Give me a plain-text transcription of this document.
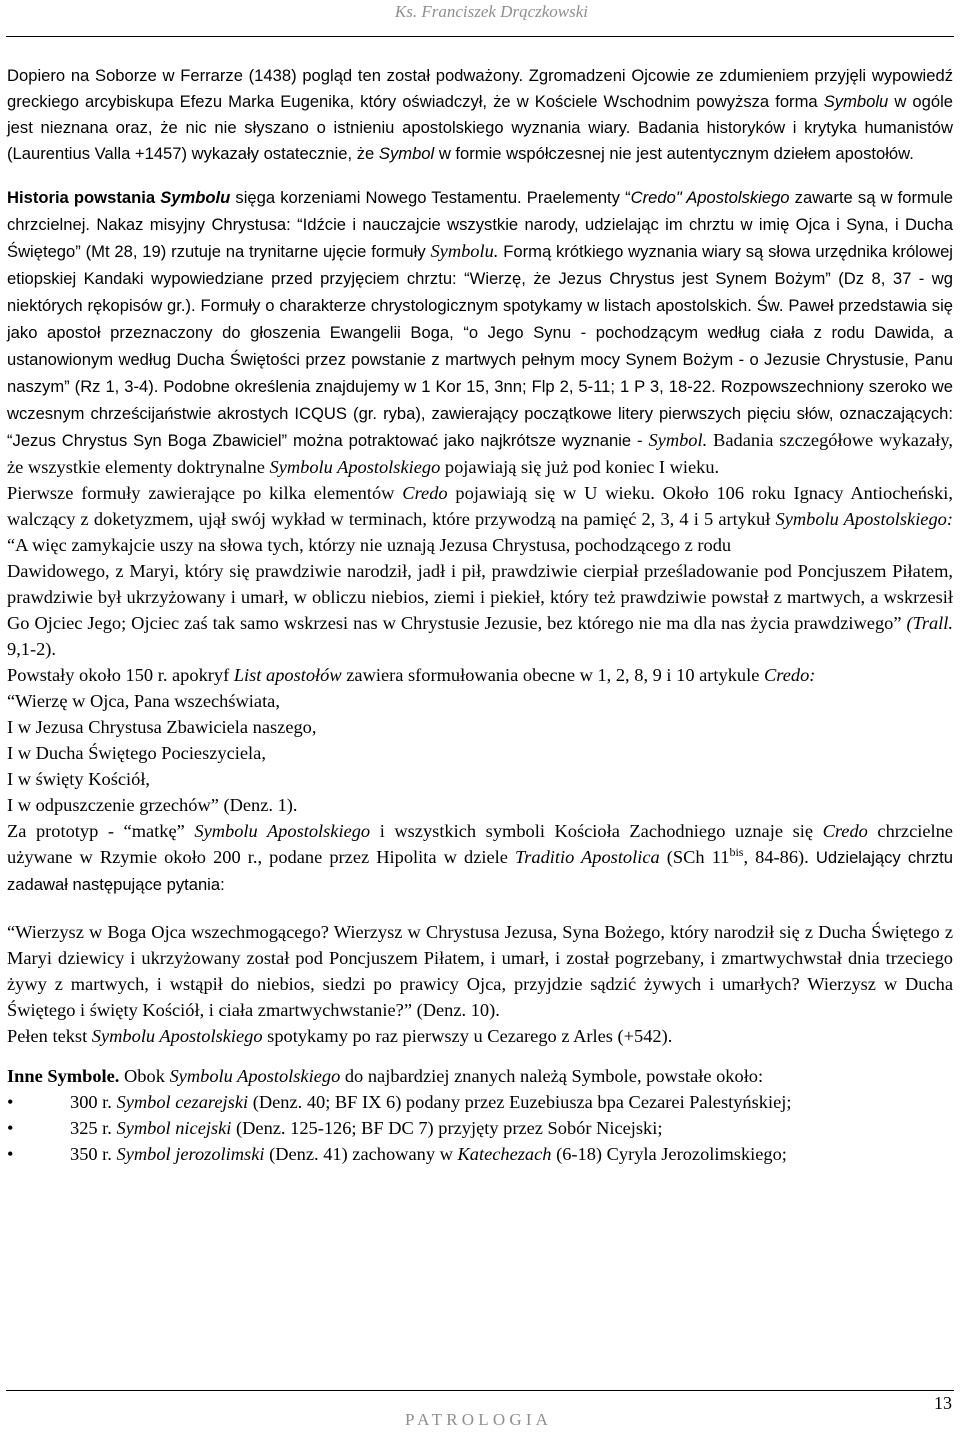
Ks. Franciszek Drączkowski

Dopiero na Soborze w Ferrarze (1438) pogląd ten został podważony. Zgromadzeni Ojcowie ze zdumieniem przyjęli wypowiedź greckiego arcybiskupa Efezu Marka Eugenika, który oświadczył, że w Kościele Wschodnim powyższa forma Symbolu w ogóle jest nieznana oraz, że nic nie słyszano o istnieniu apostolskiego wyznania wiary. Badania historyków i krytyka humanistów (Laurentius Valla +1457) wykazały ostatecznie, że Symbol w formie współczesnej nie jest autentycznym dziełem apostołów.

Historia powstania Symbolu sięga korzeniami Nowego Testamentu. Praelementy “Credo" Apostolskiego zawarte są w formule chrzcielnej. Nakaz misyjny Chrystusa: “Idźcie i nauczajcie wszystkie narody, udzielając im chrztu w imię Ojca i Syna, i Ducha Świętego” (Mt 28, 19) rzutuje na trynitarne ujęcie formuły Symbolu. Formą krótkiego wyznania wiary są słowa urzędnika królowej etiopskiej Kandaki wypowiedziane przed przyjęciem chrztu: “Wierzę, że Jezus Chrystus jest Synem Bożym” (Dz 8, 37 - wg niektórych rękopisów gr.). Formuły o charakterze chrystologicznym spotykamy w listach apostolskich. Św. Paweł przedstawia się jako apostoł przeznaczony do głoszenia Ewangelii Boga, “o Jego Synu - pochodzącym według ciała z rodu Dawida, a ustanowionym według Ducha Świętości przez powstanie z martwych pełnym mocy Synem Bożym - o Jezusie Chrystusie, Panu naszym” (Rz 1, 3-4). Podobne określenia znajdujemy w 1 Kor 15, 3nn; Flp 2, 5-11; 1 P 3, 18-22. Rozpowszechniony szeroko we wczesnym chrześcijaństwie akrostych ICQUS (gr. ryba), zawierający początkowe litery pierwszych pięciu słów, oznaczających: “Jezus Chrystus Syn Boga Zbawiciel” można potraktować jako najkrótsze wyznanie - Symbol. Badania szczegółowe wykazały, że wszystkie elementy doktrynalne Symbolu Apostolskiego pojawiają się już pod koniec I wieku.

Pierwsze formuły zawierające po kilka elementów Credo pojawiają się w U wieku. Około 106 roku Ignacy Antiocheński, walczący z doketyzmem, ujął swój wykład w terminach, które przywodzą na pamięć 2, 3, 4 i 5 artykuł Symbolu Apostolskiego: “A więc zamykajcie uszy na słowa tych, którzy nie uznają Jezusa Chrystusa, pochodzącego z rodu

Dawidowego, z Maryi, który się prawdziwie narodził, jadł i pił, prawdziwie cierpiał prześladowanie pod Poncjuszem Piłatem, prawdziwie był ukrzyżowany i umarł, w obliczu niebios, ziemi i piekieł, który też prawdziwie powstał z martwych, a wskrzesił Go Ojciec Jego; Ojciec zaś tak samo wskrzesi nas w Chrystusie Jezusie, bez którego nie ma dla nas życia prawdziwego” (Trall. 9,1-2).

Powstały około 150 r. apokryf List apostołów zawiera sformułowania obecne w 1, 2, 8, 9 i 10 artykule Credo:

“Wierzę w Ojca, Pana wszechświata,

I w Jezusa Chrystusa Zbawiciela naszego,

I w Ducha Świętego Pocieszyciela,

I w święty Kościół,

I w odpuszczenie grzechów” (Denz. 1).

Za prototyp - “matkę” Symbolu Apostolskiego i wszystkich symboli Kościoła Zachodniego uznaje się Credo chrzcielne używane w Rzymie około 200 r., podane przez Hipolita w dziele Traditio Apostolica (SCh $11^{bis}$, 84-86). Udzielający chrztu zadawał następujące pytania:

“Wierzysz w Boga Ojca wszechmogącego? Wierzysz w Chrystusa Jezusa, Syna Bożego, który narodził się z Ducha Świętego z Maryi dziewicy i ukrzyżowany został pod Poncjuszem Piłatem, i umarł, i został pogrzebany, i zmartwychwstał dnia trzeciego żywy z martwych, i wstąpił do niebios, siedzi po prawicy Ojca, przyjdzie sądzić żywych i umarłych? Wierzysz w Ducha Świętego i święty Kościół, i ciała zmartwychwstanie?” (Denz. 10).

Pełen tekst Symbolu Apostolskiego spotykamy po raz pierwszy u Cezarego z Arles (+542).

Inne Symbole. Obok Symbolu Apostolskiego do najbardziej znanych należą Symbole, powstałe około:

•	300 r. Symbol cezarejski (Denz. 40; BF IX 6) podany przez Euzebiusza bpa Cezarei Palestyńskiej;
•	325 r. Symbol nicejski (Denz. 125-126; BF DC 7) przyjęty przez Sobór Nicejski;
•	350 r. Symbol jerozolimski (Denz. 41) zachowany w Katechezach (6-18) Cyryla Jerozolimskiego;
13
PATROLOGIA
